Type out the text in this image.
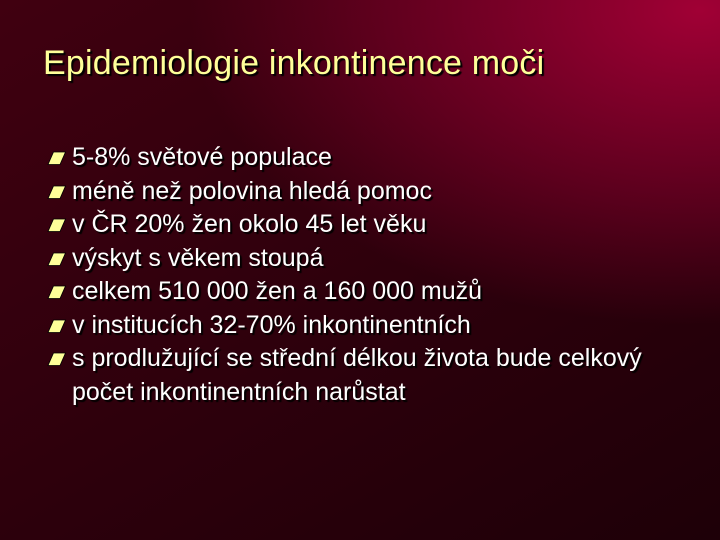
Epidemiologie inkontinence moči
5-8% světové populace
méně než polovina hledá pomoc
v ČR 20% žen okolo 45 let věku
výskyt s věkem stoupá
celkem 510 000 žen a 160 000 mužů
v institucích 32-70% inkontinentních
s prodlužující se střední délkou života bude celkový počet inkontinentních narůstat
